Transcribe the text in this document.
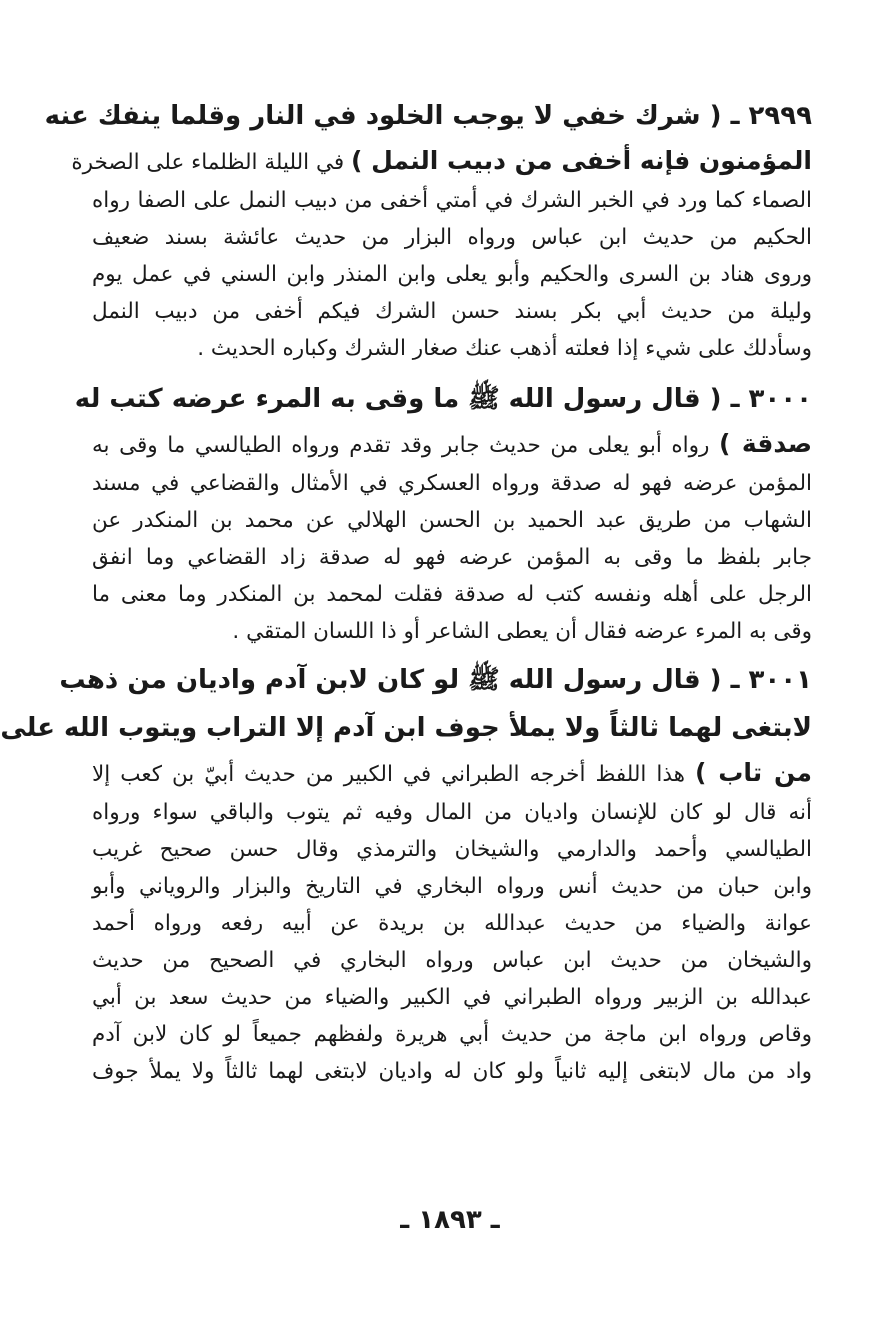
٢٩٩٩ ـ ( شرك خفي لا يوجب الخلود في النار وقلما ينفك عنه
المؤمنون فإنه أخفى من دبيب النمل ) في الليلة الظلماء على الصخرة
الصماء كما ورد في الخبر الشرك في أمتي أخفى من دبيب النمل على الصفا رواه
الحكيم من حديث ابن عباس ورواه البزار من حديث عائشة بسند ضعيف
وروى هناد بن السرى والحكيم وأبو يعلى وابن المنذر وابن السني في عمل يوم
وليلة من حديث أبي بكر بسند حسن الشرك فيكم أخفى من دبيب النمل
وسأدلك على شيء إذا فعلته أذهب عنك صغار الشرك وكباره الحديث .
٣٠٠٠ ـ ( قال رسول الله ﷺ ما وقى به المرء عرضه كتب له
صدقة ) رواه أبو يعلى من حديث جابر وقد تقدم ورواه الطيالسي ما وقى به
المؤمن عرضه فهو له صدقة ورواه العسكري في الأمثال والقضاعي في مسند
الشهاب من طريق عبد الحميد بن الحسن الهلالي عن محمد بن المنكدر عن
جابر بلفظ ما وقى به المؤمن عرضه فهو له صدقة زاد القضاعي وما انفق
الرجل على أهله ونفسه كتب له صدقة فقلت لمحمد بن المنكدر وما معنى ما
وقى به المرء عرضه فقال أن يعطى الشاعر أو ذا اللسان المتقي .
٣٠٠١ ـ ( قال رسول الله ﷺ لو كان لابن آدم واديان من ذهب
لابتغى لهما ثالثاً ولا يملأ جوف ابن آدم إلا التراب ويتوب الله على
من تاب ) هذا اللفظ أخرجه الطبراني في الكبير من حديث أبيّ بن كعب إلا
أنه قال لو كان للإنسان واديان من المال وفيه ثم يتوب والباقي سواء ورواه
الطيالسي وأحمد والدارمي والشيخان والترمذي وقال حسن صحيح غريب
وابن حبان من حديث أنس ورواه البخاري في التاريخ والبزار والروياني وأبو
عوانة والضياء من حديث عبدالله بن بريدة عن أبيه رفعه ورواه أحمد
والشيخان من حديث ابن عباس ورواه البخاري في الصحيح من حديث
عبدالله بن الزبير ورواه الطبراني في الكبير والضياء من حديث سعد بن أبي
وقاص ورواه ابن ماجة من حديث أبي هريرة ولفظهم جميعاً لو كان لابن آدم
واد من مال لابتغى إليه ثانياً ولو كان له واديان لابتغى لهما ثالثاً ولا يملأ جوف
ـ ١٨٩٣ ـ
